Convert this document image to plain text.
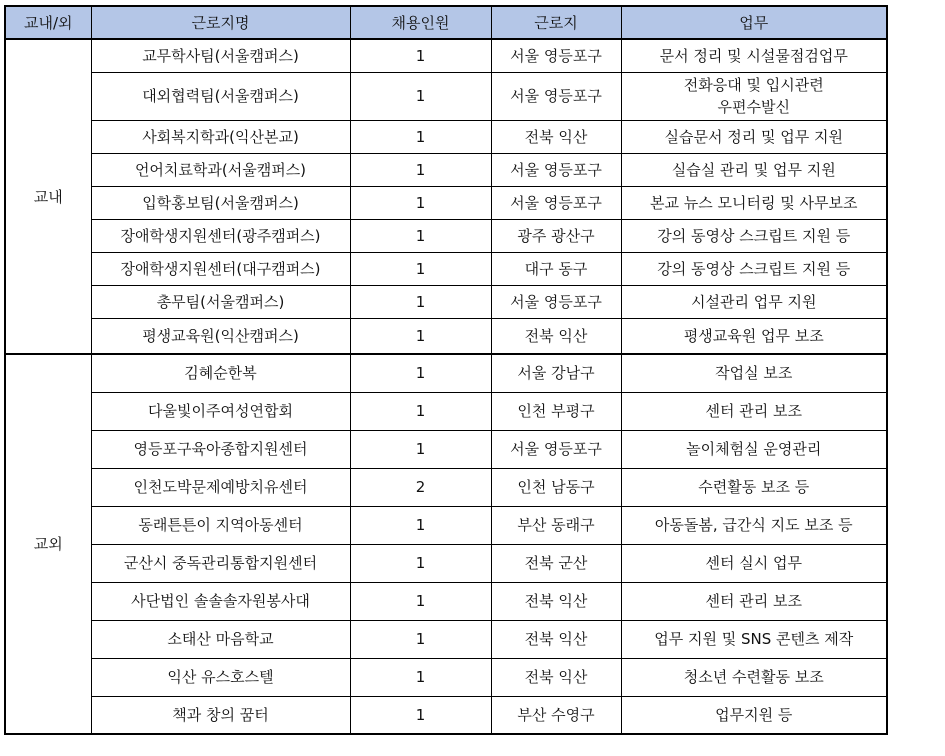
교내/외	근로지명	채용인원	근로지	업무
교내	교무학사팀(서울캠퍼스)	1	서울 영등포구	문서 정리 및 시설물점검업무
	대외협력팀(서울캠퍼스)	1	서울 영등포구	전화응대 및 입시관련
우편수발신

	사회복지학과(익산본교)	1	전북 익산	실습문서 정리 및 업무 지원
	언어치료학과(서울캠퍼스)	1	서울 영등포구	실습실 관리 및 업무 지원
	입학홍보팀(서울캠퍼스)	1	서울 영등포구	본교 뉴스 모니터링 및 사무보조
	장애학생지원센터(광주캠퍼스)	1	광주 광산구	강의 동영상 스크립트 지원 등
	장애학생지원센터(대구캠퍼스)	1	대구 동구	강의 동영상 스크립트 지원 등
	총무팀(서울캠퍼스)	1	서울 영등포구	시설관리 업무 지원
	평생교육원(익산캠퍼스)	1	전북 익산	평생교육원 업무 보조
교외	김혜순한복	1	서울 강남구	작업실 보조
	다울빛이주여성연합회	1	인천 부평구	센터 관리 보조
	영등포구육아종합지원센터	1	서울 영등포구	놀이체험실 운영관리
	인천도박문제예방치유센터	2	인천 남동구	수련활동 보조 등
	동래튼튼이 지역아동센터	1	부산 동래구	아동돌봄, 급간식 지도 보조 등
	군산시 중독관리통합지원센터	1	전북 군산	센터 실시 업무
	사단법인 솔솔솔자원봉사대	1	전북 익산	센터 관리 보조
	소태산 마음학교	1	전북 익산	업무 지원 및 SNS 콘텐츠 제작
	익산 유스호스텔	1	전북 익산	청소년 수련활동 보조
	책과 창의 꿈터	1	부산 수영구	업무지원 등
